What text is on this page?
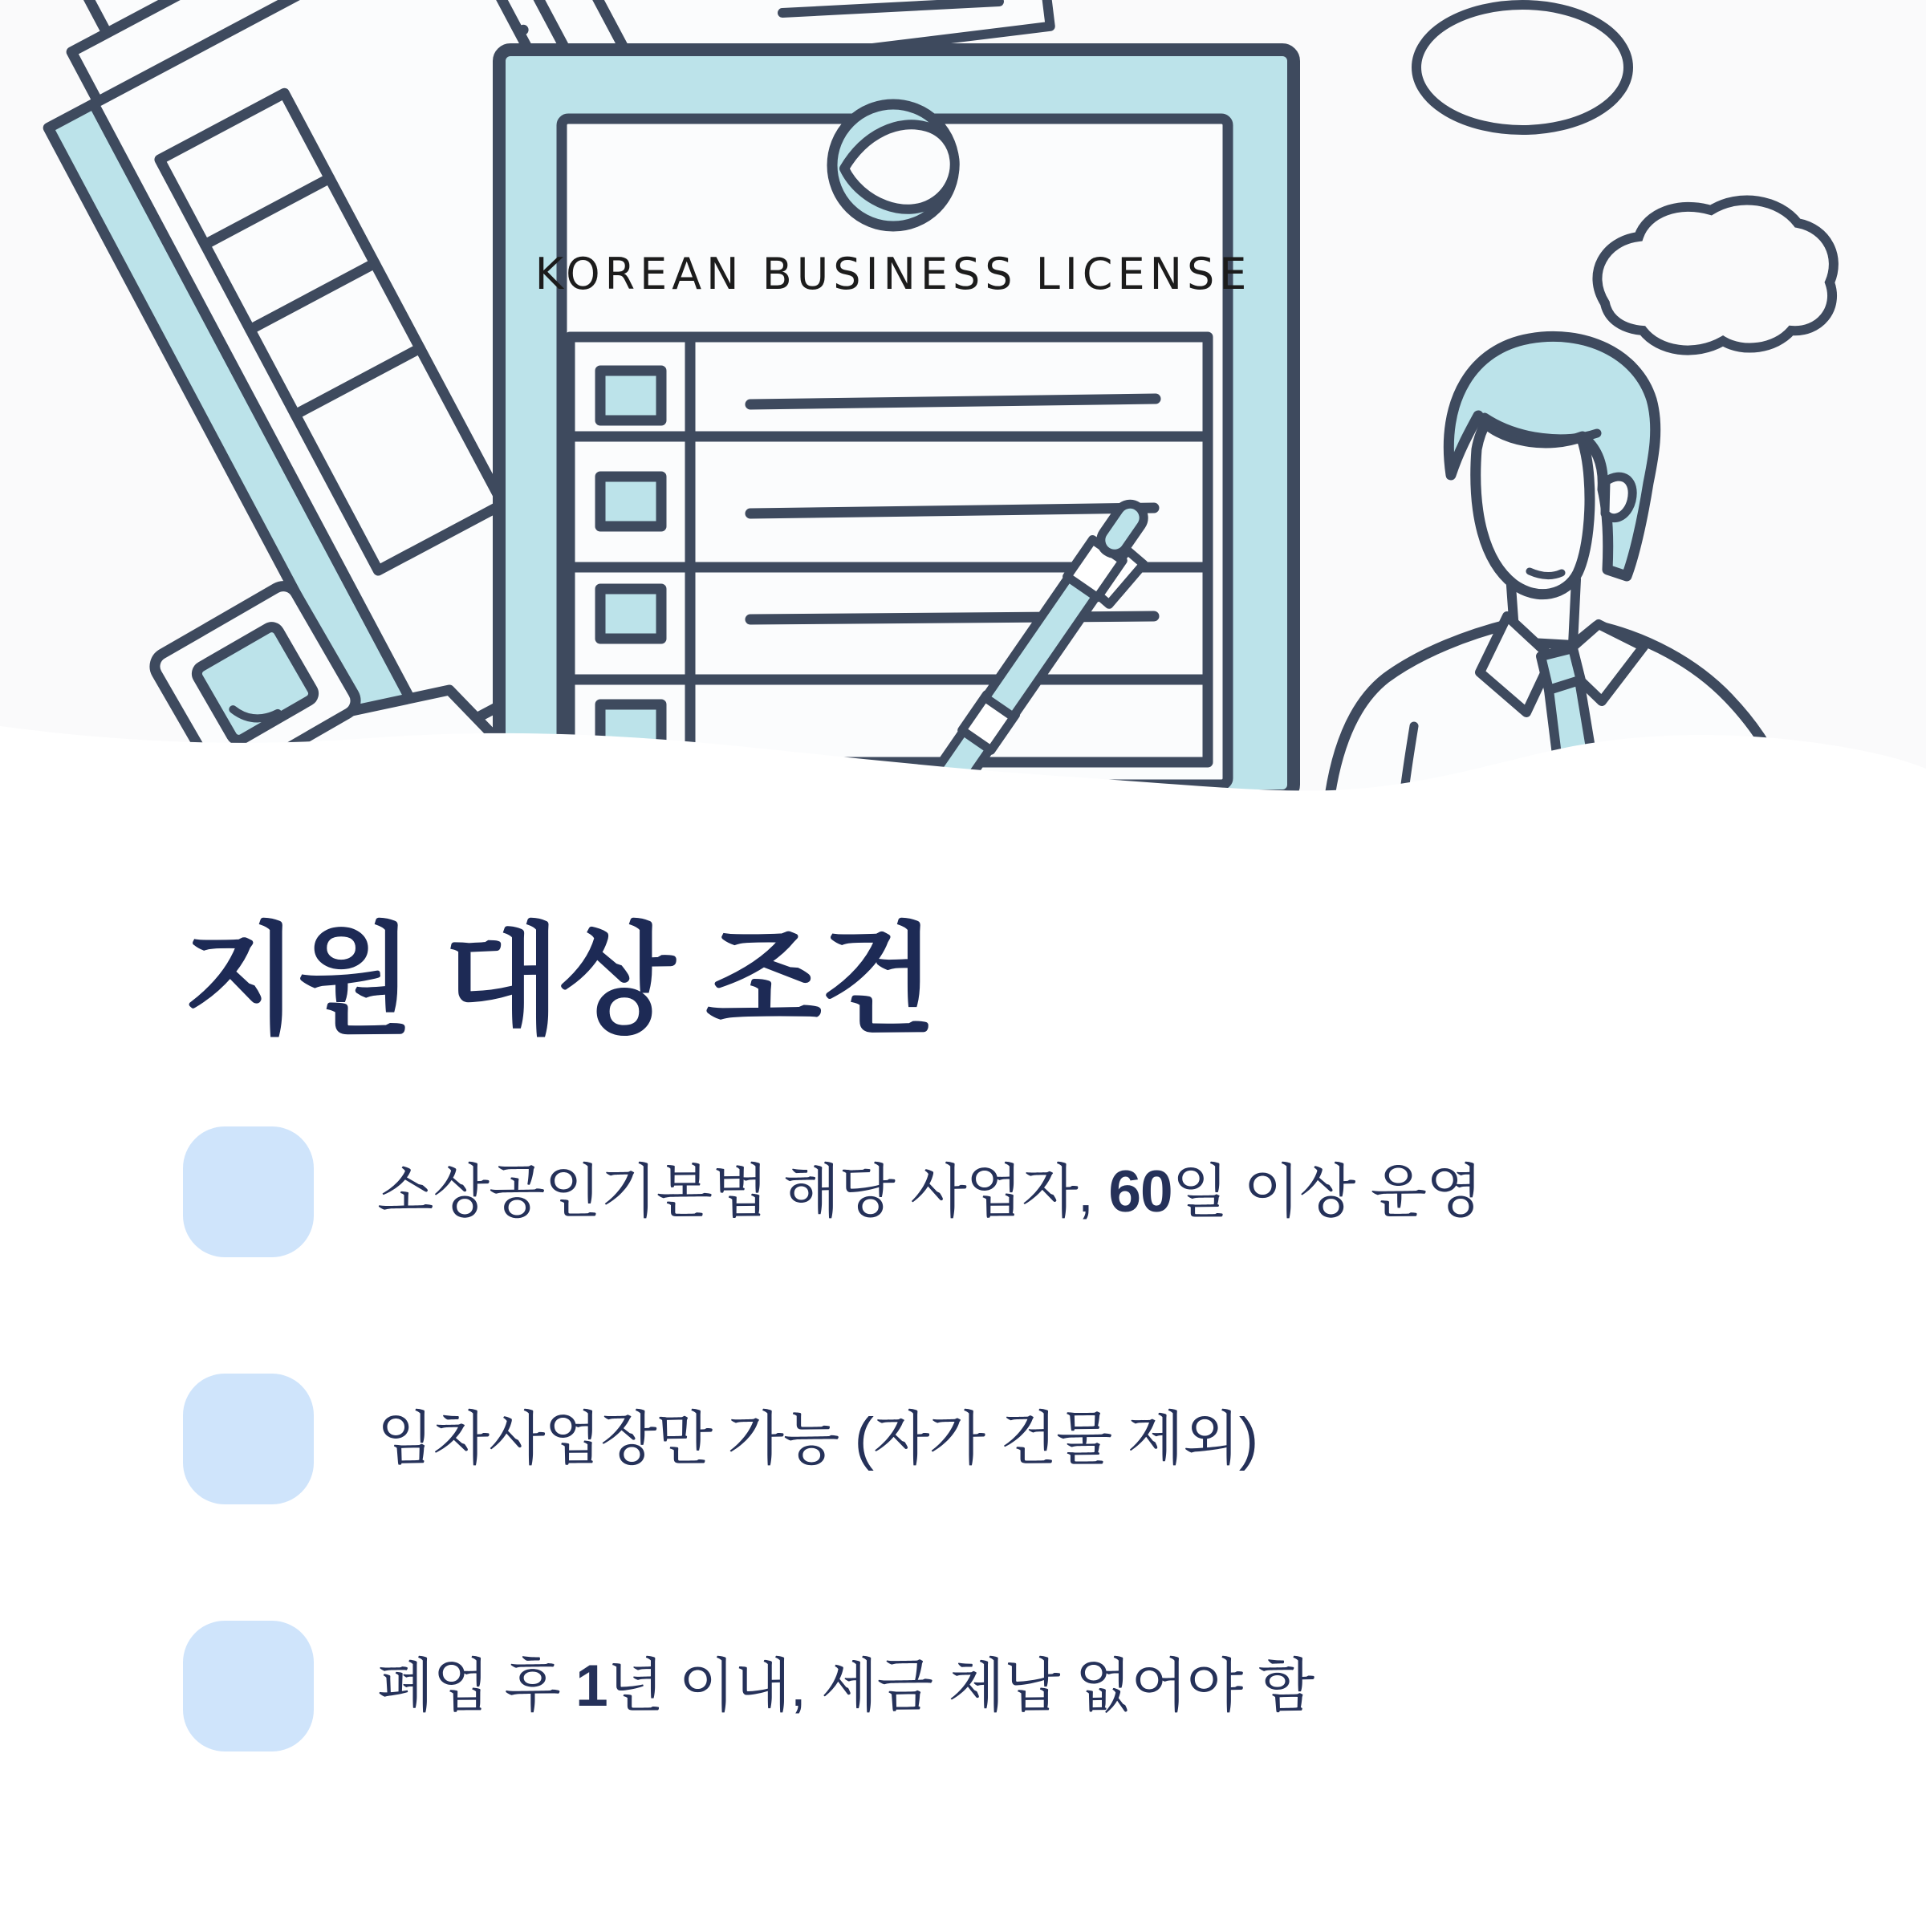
KOREAN BUSINESS LICENSE
지원 대상 조건
소상공인기본법 해당 사업자, 60일 이상 운영
임차사업장만 가능 (자가 건물 제외)
폐업 후 1년 이내, 세금 체납 없어야 함
